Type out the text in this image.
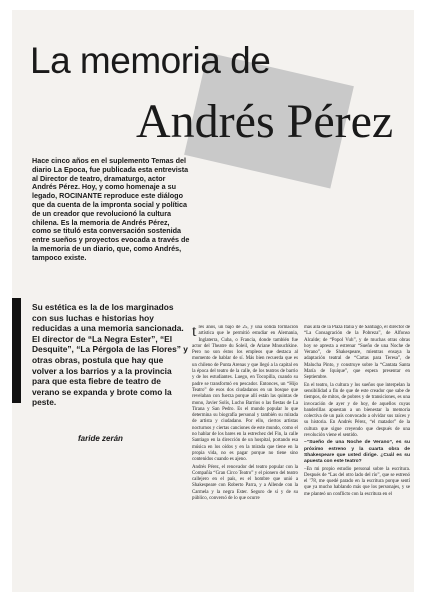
La memoria de
Andrés Pérez

Hace cinco años en el suplemento Temas del diario La Epoca, fue publicada esta entrevista al Director de teatro, dramaturgo, actor Andrés Pérez. Hoy, y como homenaje a su legado, ROCINANTE reproduce este diálogo que da cuenta de la impronta social y política de un creador que revolucionó la cultura chilena. Es la memoria de Andrés Pérez, como se tituló esta conversación sostenida entre sueños y proyectos evocada a través de la memoria de un diario, que, como Andrés, tampoco existe.

Su estética es la de los marginados con sus luchas e historias hoy reducidas a una memoria sancionada. El director de “La Negra Ester”, “El Desquite”, “La Pérgola de las Flores” y otras obras, postula que hay que volver a los barrios y a la provincia para que esta fiebre de teatro de verano se expanda y brote como la peste.

faride zerán

tres años, un bajo de 25, y una sólida formación artística que le permitió estudiar en Alemania, Inglaterra, Cuba, o Francia, donde también fue actor del Theatre du Soleil, de Ariane Mnouchkine. Pero no son éstos los empleos que destaca al momento de hablar de sí. Más bien recuerda que es un chileno de Punta Arenas y que llegó a la capital en la época del teatro de la calle, de los teatros de barrio y de los estudiantes. Luego, en Tocopilla, cuando su padre se transformó en pescador. Entonces, un “Hijo Teatro” de esos dos ciudadanos en un bosque que revelaban con fuerza porque allí están las quintas de mono, Javier Solís, Lucho Barrios o las fiestas de La Tirana y San Pedro. Es el mundo popular lo que determina su biografía personal y también su mirada de artista y ciudadano. Por ello, ciertos artistas nocturnos y ciertas canciones de este mundo, como el no hablar de los bares en la estrechez del Fin, la calle Santiago en la dirección de un hospital, portando esa música en los oídos y en la mirada que tiene en la propia vida, no es pagar porque no tiene sino contenidos cuando es ajeno.

Andrés Pérez, el renovador del teatro popular con la Compañía “Gran Circo Teatro” y el pionero del teatro callejero en el país, es el hombre que unió a Shakespeare con Roberto Parra, y a Allende con la Carmela y la negra Ester. Seguro de sí y de su público, conversó de lo que ocurre

más allá de la Plaza Italia y de Santiago, el director de “La Consagración de la Pobreza”, de Alfonso Alcalde; de “Popol Vuh”, y de muchas otras obras hoy se apresta a estrenar “Sueño de una Noche de Verano”, de Shakespeare, mientras ensaya la adaptación teatral de “Cartas para Teresa”, de Malucha Pinto, y construye sobre la “Cantata Santa María de Iquique”, que espera presentar en Septiembre.

En el teatro, la cultura y los sueños que interpelan la sensibilidad a fin de que de este creador que sabe de tiempos, de mitos, de pobres y de transiciones, es una invocación de ayer y de hoy, de aquellos cuyas banderillas apuestan a un bienestar la memoria colectiva de un país convocado a olvidar sus raíces y su historia. En Andrés Pérez, “el matador” de la cultura que sigue creyendo que después de una revolución viene el sentido.

–“Sueño de una Noche de Verano”, es su próximo estreno y la cuarta obra de Shakespeare que usted dirige. ¿Cuál es su apuesta con este teatro?

–En mi propio estudio personal sobre la escritura. Después de “Las del otro lado del río”, que se estrenó el ’78, me quedé parado en la escritura porque sentí que ya mucho hablando más que los personajes, y se me planteó un conflicto con la escritura en el
